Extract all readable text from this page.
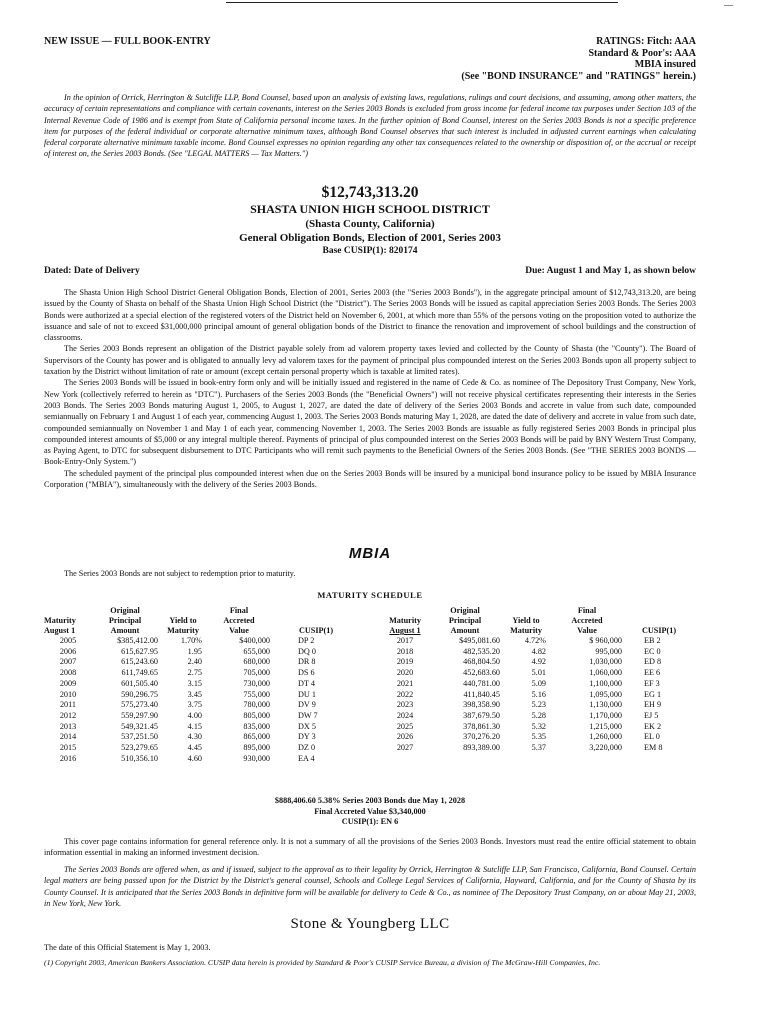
—
NEW ISSUE — FULL BOOK-ENTRY	RATINGS: Fitch: AAA
Standard & Poor's: AAA
MBIA insured
(See "BOND INSURANCE" and "RATINGS" herein.)

In the opinion of Orrick, Herrington & Sutcliffe LLP, Bond Counsel, based upon an analysis of existing laws, regulations, rulings and court decisions, and assuming, among other matters, the accuracy of certain representations and compliance with certain covenants, interest on the Series 2003 Bonds is excluded from gross income for federal income tax purposes under Section 103 of the Internal Revenue Code of 1986 and is exempt from State of California personal income taxes. In the further opinion of Bond Counsel, interest on the Series 2003 Bonds is not a specific preference item for purposes of the federal individual or corporate alternative minimum taxes, although Bond Counsel observes that such interest is included in adjusted current earnings when calculating federal corporate alternative minimum taxable income. Bond Counsel expresses no opinion regarding any other tax consequences related to the ownership or disposition of, or the accrual or receipt of interest on, the Series 2003 Bonds. (See "LEGAL MATTERS — Tax Matters.")

$12,743,313.20

SHASTA UNION HIGH SCHOOL DISTRICT

(Shasta County, California)

General Obligation Bonds, Election of 2001, Series 2003

Base CUSIP(1): 820174

Dated: Date of Delivery	Due: August 1 and May 1, as shown below

The Shasta Union High School District General Obligation Bonds, Election of 2001, Series 2003 (the "Series 2003 Bonds"), in the aggregate principal amount of $12,743,313.20, are being issued by the County of Shasta on behalf of the Shasta Union High School District (the "District"). The Series 2003 Bonds will be issued as capital appreciation Series 2003 Bonds. The Series 2003 Bonds were authorized at a special election of the registered voters of the District held on November 6, 2001, at which more than 55% of the persons voting on the proposition voted to authorize the issuance and sale of not to exceed $31,000,000 principal amount of general obligation bonds of the District to finance the renovation and improvement of school buildings and the construction of classrooms.

The Series 2003 Bonds represent an obligation of the District payable solely from ad valorem property taxes levied and collected by the County of Shasta (the "County"). The Board of Supervisors of the County has power and is obligated to annually levy ad valorem taxes for the payment of principal plus compounded interest on the Series 2003 Bonds upon all property subject to taxation by the District without limitation of rate or amount (except certain personal property which is taxable at limited rates).

The Series 2003 Bonds will be issued in book-entry form only and will be initially issued and registered in the name of Cede & Co. as nominee of The Depository Trust Company, New York, New York (collectively referred to herein as "DTC"). Purchasers of the Series 2003 Bonds (the "Beneficial Owners") will not receive physical certificates representing their interests in the Series 2003 Bonds. The Series 2003 Bonds maturing August 1, 2005, to August 1, 2027, are dated the date of delivery of the Series 2003 Bonds and accrete in value from such date, compounded semiannually on February 1 and August 1 of each year, commencing August 1, 2003. The Series 2003 Bonds maturing May 1, 2028, are dated the date of delivery and accrete in value from such date, compounded semiannually on November 1 and May 1 of each year, commencing November 1, 2003. The Series 2003 Bonds are issuable as fully registered Series 2003 Bonds in principal plus compounded interest amounts of $5,000 or any integral multiple thereof. Payments of principal of plus compounded interest on the Series 2003 Bonds will be paid by BNY Western Trust Company, as Paying Agent, to DTC for subsequent disbursement to DTC Participants who will remit such payments to the Beneficial Owners of the Series 2003 Bonds. (See "THE SERIES 2003 BONDS — Book-Entry-Only System.")

The scheduled payment of the principal plus compounded interest when due on the Series 2003 Bonds will be insured by a municipal bond insurance policy to be issued by MBIA Insurance Corporation ("MBIA"), simultaneously with the delivery of the Series 2003 Bonds.

MBIA

The Series 2003 Bonds are not subject to redemption prior to maturity.

MATURITY SCHEDULE
Maturity
August 1	Original
Principal
Amount	Yield to
Maturity	Final
Accreted
Value	CUSIP(1)
2005	$385,412.00	1.70%	$400,000	DP 2
2006	615,627.95	1.95	655,000	DQ 0
2007	615,243.60	2.40	680,000	DR 8
2008	611,749.65	2.75	705,000	DS 6
2009	601,505.40	3.15	730,000	DT 4
2010	590,296.75	3.45	755,000	DU 1
2011	575,273.40	3.75	780,000	DV 9
2012	559,297.90	4.00	805,000	DW 7
2013	549,321.45	4.15	835,000	DX 5
2014	537,251.50	4.30	865,000	DY 3
2015	523,279.65	4.45	895,000	DZ 0
2016	510,356.10	4.60	930,000	EA 4
Maturity
August 1	Original
Principal
Amount	Yield to
Maturity	Final
Accreted
Value	CUSIP(1)
2017	$495,081.60	4.72%	$ 960,000	EB 2
2018	482,535.20	4.82	995,000	EC 0
2019	468,804.50	4.92	1,030,000	ED 8
2020	452,683.60	5.01	1,060,000	EE 6
2021	440,781.00	5.09	1,100,000	EF 3
2022	411,840.45	5.16	1,095,000	EG 1
2023	398,358.90	5.23	1,130,000	EH 9
2024	387,679.50	5.28	1,170,000	EJ 5
2025	378,861.30	5.32	1,215,000	EK 2
2026	370,276.20	5.35	1,260,000	EL 0
2027	893,389.00	5.37	3,220,000	EM 8
$888,406.60 5.38% Series 2003 Bonds due May 1, 2028
Final Accreted Value $3,340,000
CUSIP(1): EN 6

This cover page contains information for general reference only. It is not a summary of all the provisions of the Series 2003 Bonds. Investors must read the entire official statement to obtain information essential in making an informed investment decision.

The Series 2003 Bonds are offered when, as and if issued, subject to the approval as to their legality by Orrick, Herrington & Sutcliffe LLP, San Francisco, California, Bond Counsel. Certain legal matters are being passed upon for the District by the District's general counsel, Schools and College Legal Services of California, Hayward, California, and for the County of Shasta by its County Counsel. It is anticipated that the Series 2003 Bonds in definitive form will be available for delivery to Cede & Co., as nominee of The Depository Trust Company, on or about May 21, 2003, in New York, New York.

Stone & Youngberg LLC
The date of this Official Statement is May 1, 2003.
(1) Copyright 2003, American Bankers Association. CUSIP data herein is provided by Standard & Poor's CUSIP Service Bureau, a division of The McGraw-Hill Companies, Inc.
